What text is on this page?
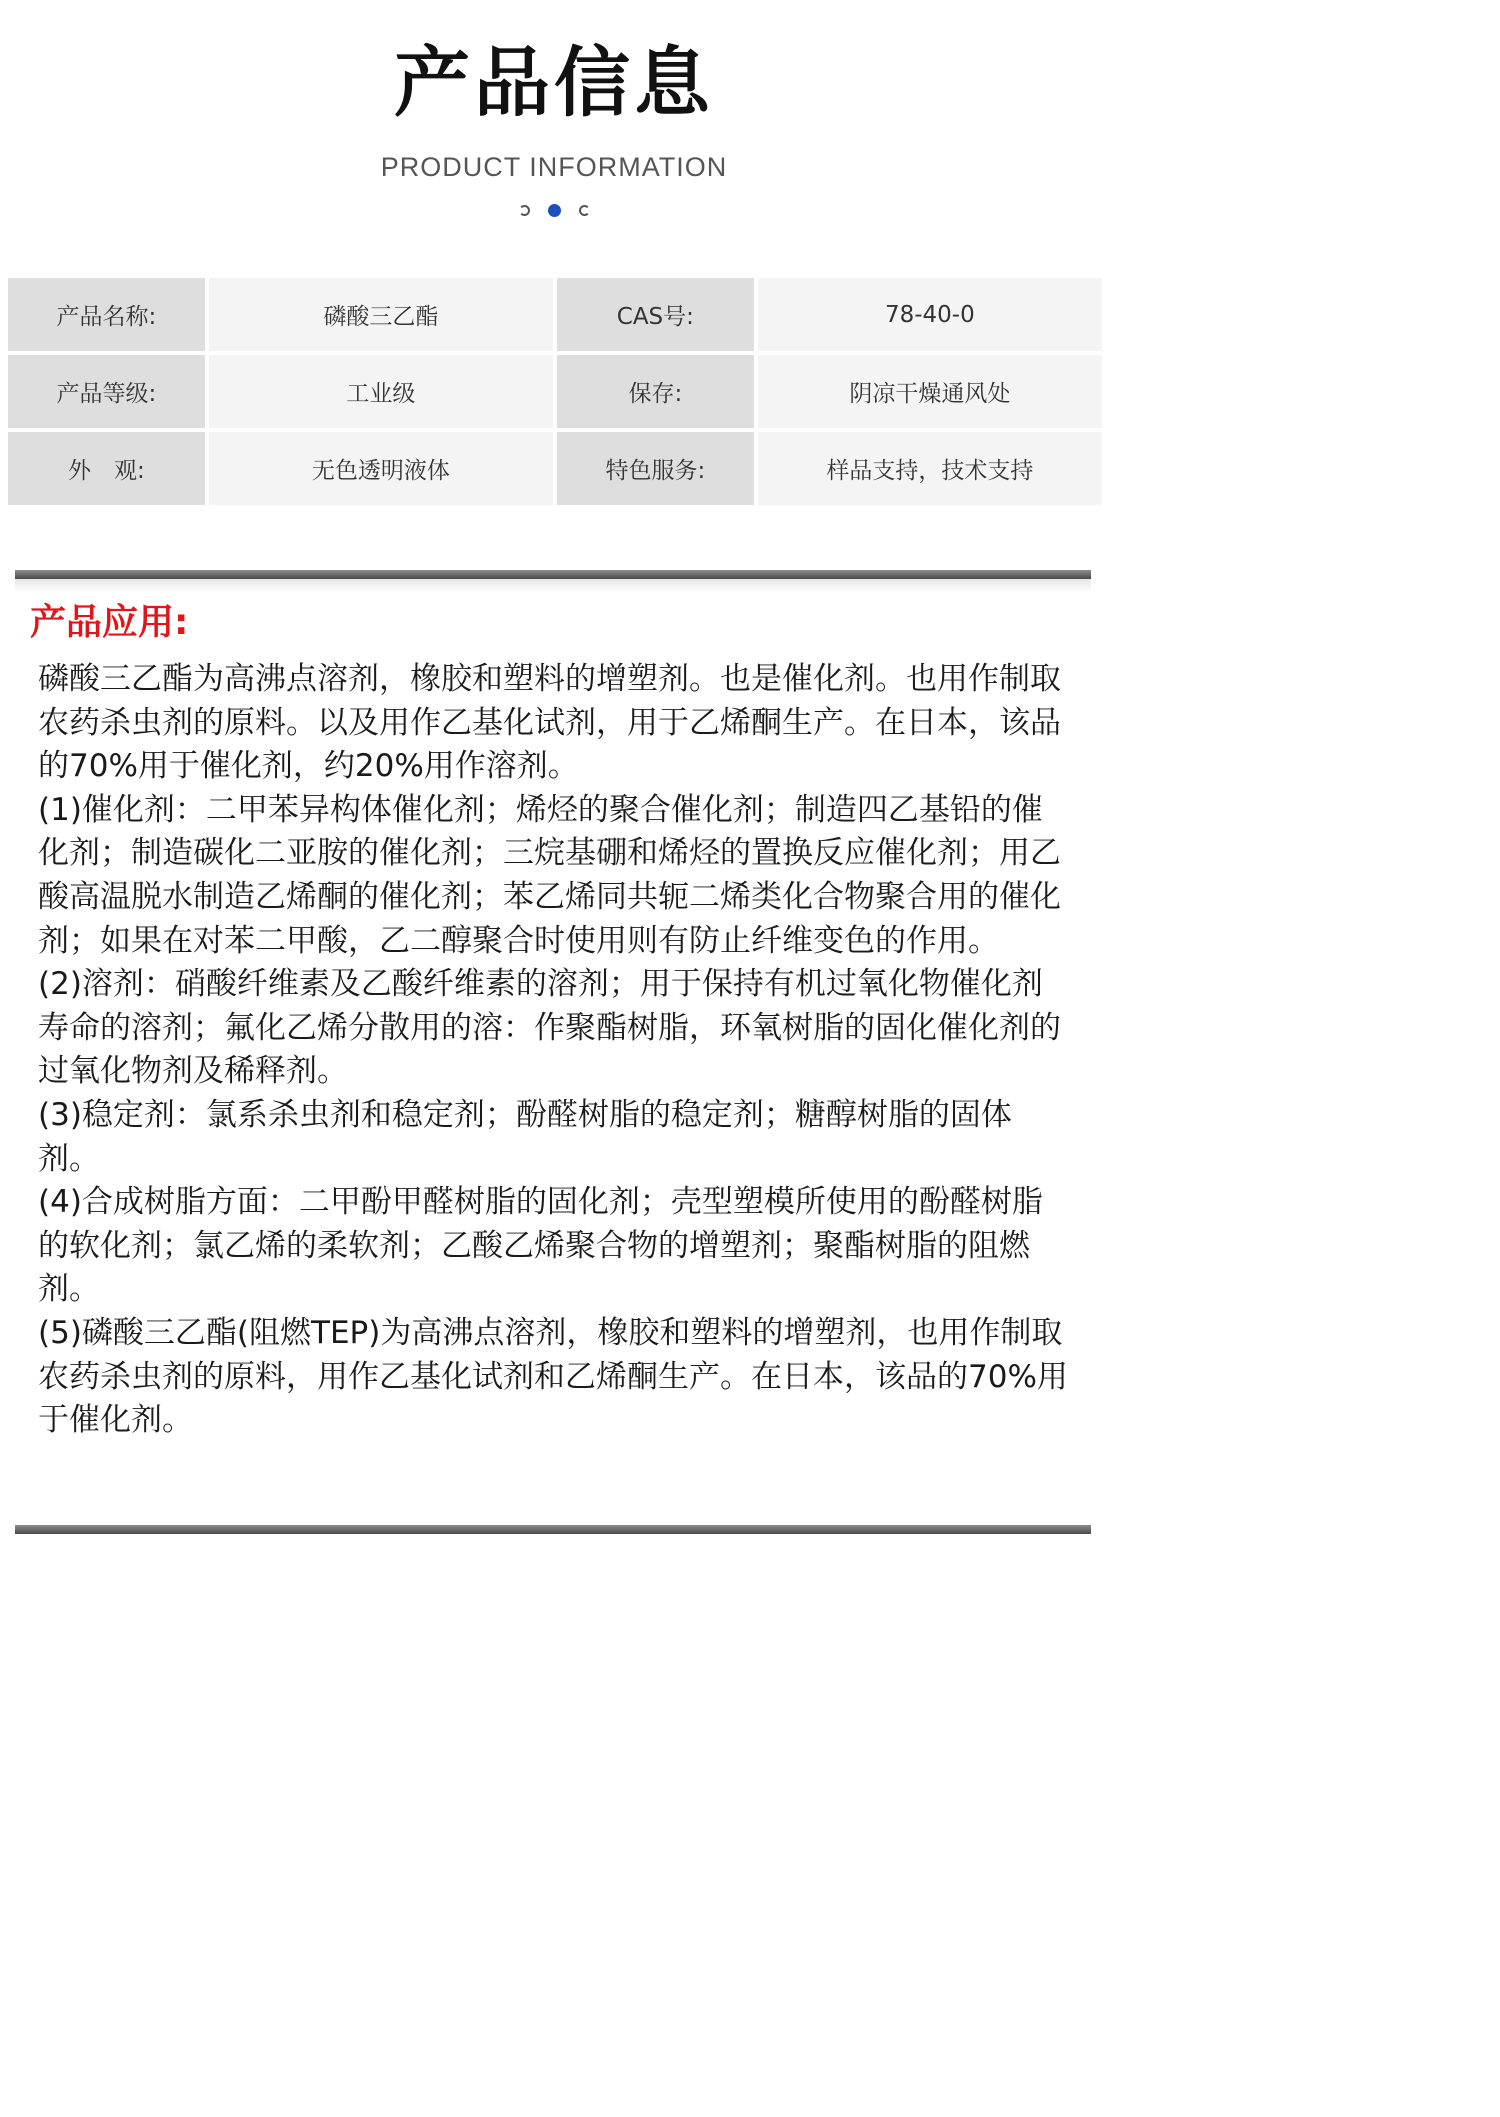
产品信息
PRODUCT INFORMATION
产品名称:	磷酸三乙酯	CAS号:	78-40-0
产品等级:	工业级	保存:	阴凉干燥通风处
外　观:	无色透明液体	特色服务:	样品支持，技术支持
产品应用:

磷酸三乙酯为高沸点溶剂，橡胶和塑料的增塑剂。也是催化剂。也用作制取农药杀虫剂的原料。以及用作乙基化试剂，用于乙烯酮生产。在日本，该品的70%用于催化剂，约20%用作溶剂。

(1)催化剂：二甲苯异构体催化剂；烯烃的聚合催化剂；制造四乙基铅的催化剂；制造碳化二亚胺的催化剂；三烷基硼和烯烃的置换反应催化剂；用乙酸高温脱水制造乙烯酮的催化剂；苯乙烯同共轭二烯类化合物聚合用的催化剂；如果在对苯二甲酸，乙二醇聚合时使用则有防止纤维变色的作用。

(2)溶剂：硝酸纤维素及乙酸纤维素的溶剂；用于保持有机过氧化物催化剂寿命的溶剂；氟化乙烯分散用的溶：作聚酯树脂，环氧树脂的固化催化剂的过氧化物剂及稀释剂。

(3)稳定剂：氯系杀虫剂和稳定剂；酚醛树脂的稳定剂；糖醇树脂的固体剂。

(4)合成树脂方面：二甲酚甲醛树脂的固化剂；壳型塑模所使用的酚醛树脂的软化剂；氯乙烯的柔软剂；乙酸乙烯聚合物的增塑剂；聚酯树脂的阻燃剂。

(5)磷酸三乙酯(阻燃TEP)为高沸点溶剂，橡胶和塑料的增塑剂，也用作制取农药杀虫剂的原料，用作乙基化试剂和乙烯酮生产。在日本，该品的70%用于催化剂。
